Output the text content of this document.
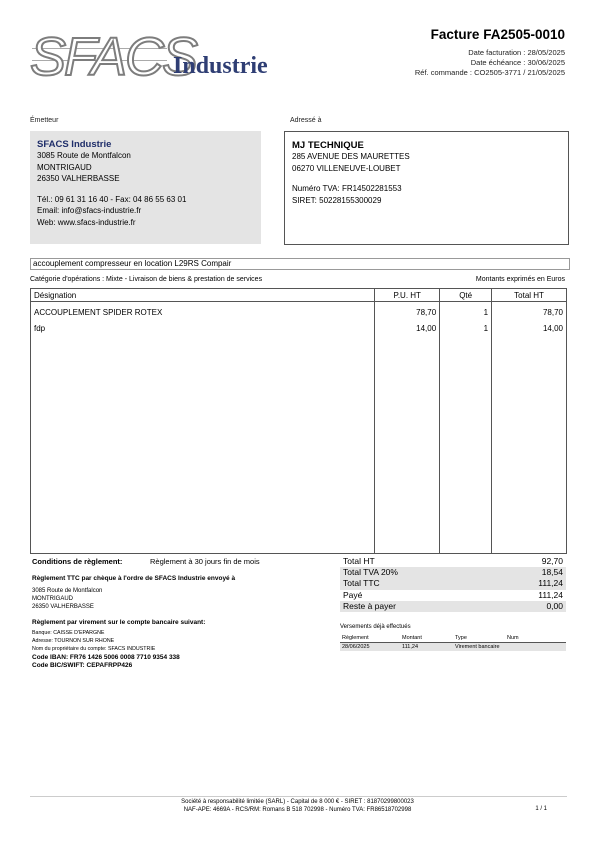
SFACS
Industrie
Facture FA2505-0010
Date facturation : 28/05/2025
Date échéance : 30/06/2025
Réf. commande : CO2505-3771 / 21/05/2025
Émetteur
SFACS Industrie
3085 Route de Montfalcon
MONTRIGAUD
26350 VALHERBASSE
Tél.: 09 61 31 16 40 - Fax: 04 86 55 63 01
Email: info@sfacs-industrie.fr
Web: www.sfacs-industrie.fr
Adressé à
MJ TECHNIQUE
285 AVENUE DES MAURETTES
06270 VILLENEUVE-LOUBET
Numéro TVA: FR14502281553
SIRET: 50228155300029
accouplement compresseur en location L29RS Compair
Catégorie d'opérations : Mixte - Livraison de biens & prestation de services	Montants exprimés en Euros
Désignation	P.U. HT	Qté	Total HT
ACCOUPLEMENT SPIDER ROTEX	78,70	1	78,70
fdp	14,00	1	14,00
Conditions de règlement:	Règlement à 30 jours fin de mois
Règlement TTC par chèque à l'ordre de SFACS Industrie envoyé à
3085 Route de Montfalcon
MONTRIGAUD
26350 VALHERBASSE
Règlement par virement sur le compte bancaire suivant:
Banque: CAISSE D'EPARGNE
Adresse: TOURNON SUR RHONE
Nom du propriétaire du compte: SFACS INDUSTRIE
Code IBAN: FR76 1426 5006 0008 7710 9354 338
Code BIC/SWIFT: CEPAFRPP426
Total HT	92,70
Total TVA 20%	18,54
Total TTC	111,24
Payé	111,24
Reste à payer	0,00
Versements déjà effectués
Règlement	Montant	Type	Num
28/06/2025	111,24	Virement bancaire	
Société à responsabilité limitée (SARL) - Capital de 8 000 € - SIRET : 81870299800023
NAF-APE: 4669A - RCS/RM: Romans B 518 702998 - Numéro TVA: FR86518702998	1 / 1
